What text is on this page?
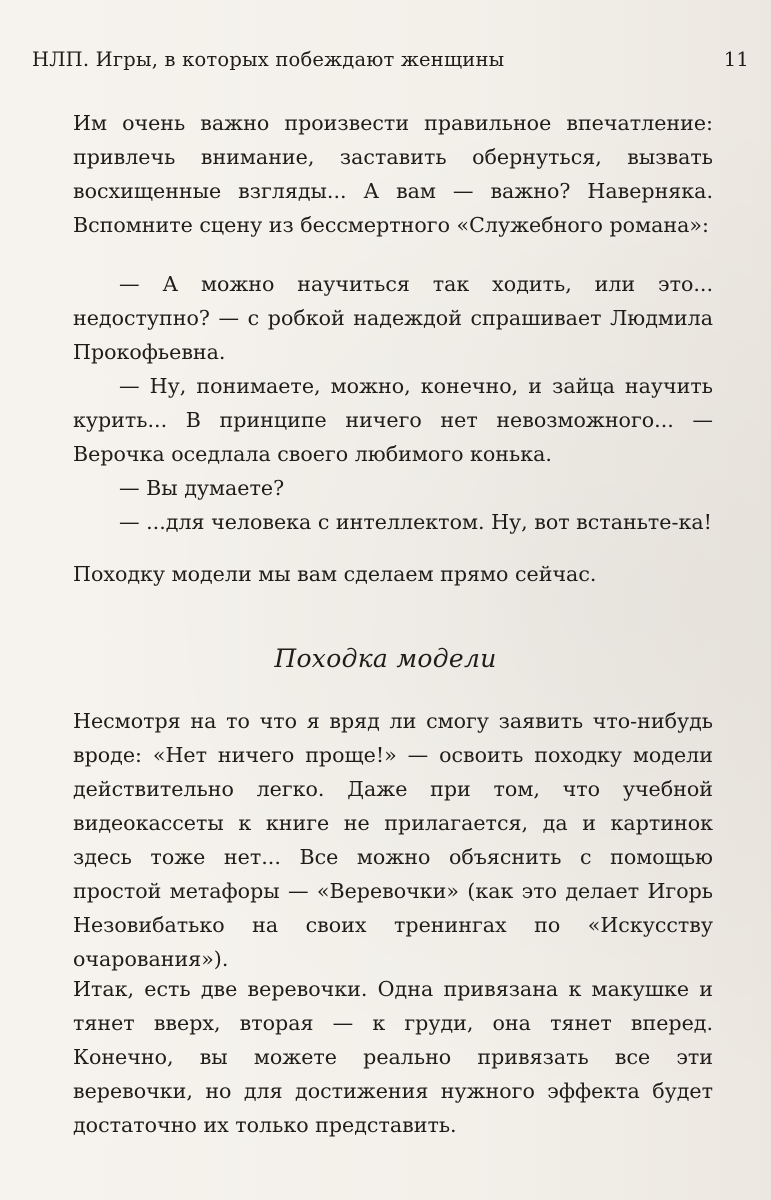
НЛП. Игры, в которых побеждают женщины	11

Им очень важно произвести правильное впечатление: привлечь внимание, заставить обернуться, вызвать восхищенные взгляды... А вам — важно? Наверняка. Вспомните сцену из бессмертного «Служебного романа»:

— А можно научиться так ходить, или это... недоступно? — с робкой надеждой спрашивает Людмила Прокофьевна.

— Ну, понимаете, можно, конечно, и зайца научить курить... В принципе ничего нет невозможного... — Верочка оседлала своего любимого конька.

— Вы думаете?

— ...для человека с интеллектом. Ну, вот встаньте-ка!

Походку модели мы вам сделаем прямо сейчас.

Походка модели

Несмотря на то что я вряд ли смогу заявить что-нибудь вроде: «Нет ничего проще!» — освоить походку модели действительно легко. Даже при том, что учебной видеокассеты к книге не прилагается, да и картинок здесь тоже нет... Все можно объяснить с помощью простой метафоры — «Веревочки» (как это делает Игорь Незовибатько на своих тренингах по «Искусству очарования»).

Итак, есть две веревочки. Одна привязана к макушке и тянет вверх, вторая — к груди, она тянет вперед. Конечно, вы можете реально привязать все эти веревочки, но для достижения нужного эффекта будет достаточно их только представить.
